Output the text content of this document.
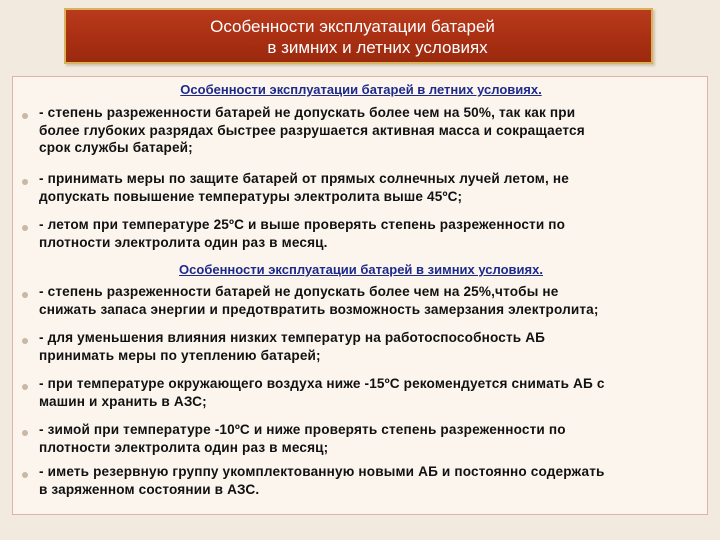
Особенности эксплуатации батарей
в зимних и летних условиях
Особенности эксплуатации батарей в летних условиях.
- степень разреженности батарей не допускать более чем на 50%, так как при
более глубоких разрядах быстрее разрушается активная масса и сокращается
срок службы батарей;
- принимать меры по защите батарей от прямых солнечных лучей летом, не
допускать повышение температуры электролита выше 45ºС;
- летом при температуре 25ºС и выше проверять степень разреженности по
плотности электролита один раз в месяц.
Особенности эксплуатации батарей в зимних условиях.
- степень разреженности батарей не допускать более чем на 25%,чтобы не
снижать запаса энергии и предотвратить возможность замерзания электролита;
- для уменьшения влияния низких температур на работоспособность АБ
принимать меры по утеплению батарей;
- при температуре окружающего воздуха ниже -15ºС рекомендуется снимать АБ с
машин и хранить в АЗС;
- зимой при температуре -10ºС и ниже проверять степень разреженности по
плотности электролита один раз в месяц;
- иметь резервную группу укомплектованную новыми АБ и постоянно содержать
в заряженном состоянии в АЗС.
